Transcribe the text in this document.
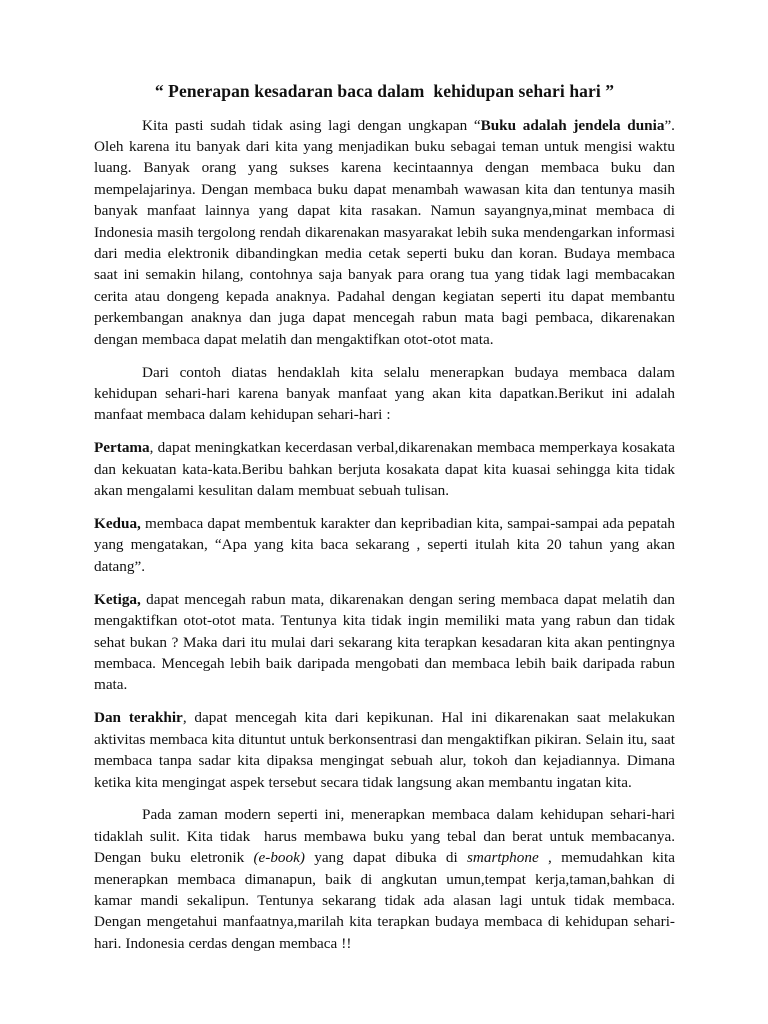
“ Penerapan kesadaran baca dalam  kehidupan sehari hari ”

Kita pasti sudah tidak asing lagi dengan ungkapan “Buku adalah jendela dunia”. Oleh karena itu banyak dari kita yang menjadikan buku sebagai teman untuk mengisi waktu luang. Banyak orang yang sukses karena kecintaannya dengan membaca buku dan mempelajarinya. Dengan membaca buku dapat menambah wawasan kita dan tentunya masih banyak manfaat lainnya yang dapat kita rasakan. Namun sayangnya,minat membaca di Indonesia masih tergolong rendah dikarenakan masyarakat lebih suka mendengarkan informasi dari media elektronik dibandingkan media cetak seperti buku dan koran. Budaya membaca saat ini semakin hilang, contohnya saja banyak para orang tua yang tidak lagi membacakan cerita atau dongeng kepada anaknya. Padahal dengan kegiatan seperti itu dapat membantu perkembangan anaknya dan juga dapat mencegah rabun mata bagi pembaca, dikarenakan dengan membaca dapat melatih dan mengaktifkan otot-otot mata.

Dari contoh diatas hendaklah kita selalu menerapkan budaya membaca dalam kehidupan sehari-hari karena banyak manfaat yang akan kita dapatkan.Berikut ini adalah manfaat membaca dalam kehidupan sehari-hari :

Pertama, dapat meningkatkan kecerdasan verbal,dikarenakan membaca memperkaya kosakata dan kekuatan kata-kata.Beribu bahkan berjuta kosakata dapat kita kuasai sehingga kita tidak akan mengalami kesulitan dalam membuat sebuah tulisan.

Kedua, membaca dapat membentuk karakter dan kepribadian kita, sampai-sampai ada pepatah yang mengatakan, “Apa yang kita baca sekarang , seperti itulah kita 20 tahun yang akan datang”.

Ketiga, dapat mencegah rabun mata, dikarenakan dengan sering membaca dapat melatih dan mengaktifkan otot-otot mata. Tentunya kita tidak ingin memiliki mata yang rabun dan tidak sehat bukan ? Maka dari itu mulai dari sekarang kita terapkan kesadaran kita akan pentingnya membaca. Mencegah lebih baik daripada mengobati dan membaca lebih baik daripada rabun mata.

Dan terakhir, dapat mencegah kita dari kepikunan. Hal ini dikarenakan saat melakukan aktivitas membaca kita dituntut untuk berkonsentrasi dan mengaktifkan pikiran. Selain itu, saat membaca tanpa sadar kita dipaksa mengingat sebuah alur, tokoh dan kejadiannya. Dimana ketika kita mengingat aspek tersebut secara tidak langsung akan membantu ingatan kita.

Pada zaman modern seperti ini, menerapkan membaca dalam kehidupan sehari-hari tidaklah sulit. Kita tidak  harus membawa buku yang tebal dan berat untuk membacanya. Dengan buku eletronik (e-book) yang dapat dibuka di smartphone , memudahkan kita menerapkan membaca dimanapun, baik di angkutan umun,tempat kerja,taman,bahkan di kamar mandi sekalipun. Tentunya sekarang tidak ada alasan lagi untuk tidak membaca. Dengan mengetahui manfaatnya,marilah kita terapkan budaya membaca di kehidupan sehari-hari. Indonesia cerdas dengan membaca !!
